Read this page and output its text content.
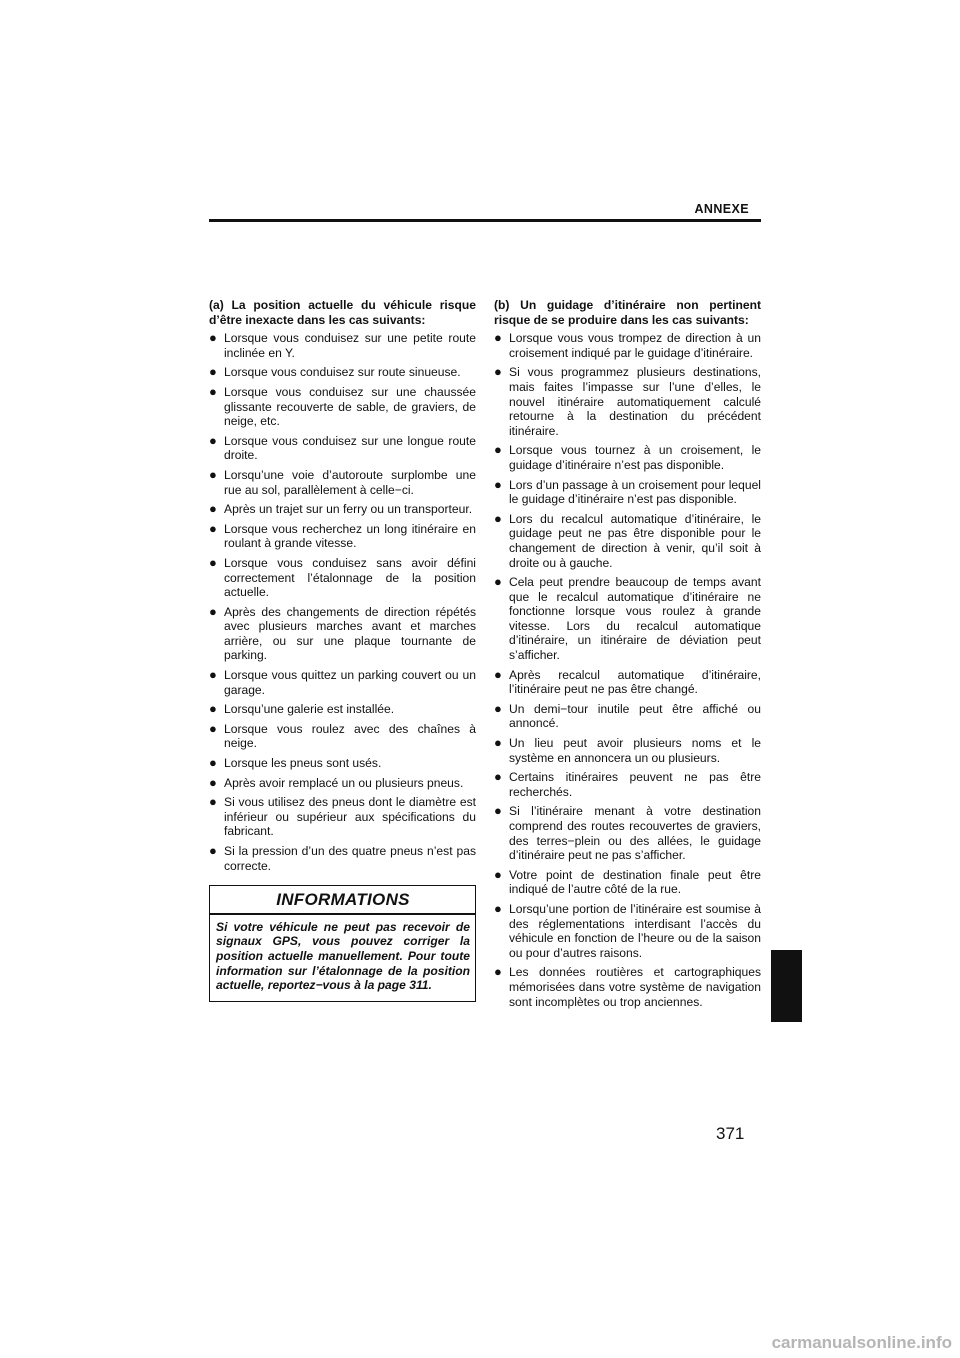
ANNEXE

(a) La position actuelle du véhicule risque d’être inexacte dans les cas suivants:

● Lorsque vous conduisez sur une petite route inclinée en Y.
● Lorsque vous conduisez sur route sinueuse.
● Lorsque vous conduisez sur une chaussée glissante recouverte de sable, de graviers, de neige, etc.
● Lorsque vous conduisez sur une longue route droite.
● Lorsqu’une voie d’autoroute surplombe une rue au sol, parallèlement à celle−ci.
● Après un trajet sur un ferry ou un transporteur.
● Lorsque vous recherchez un long itinéraire en roulant à grande vitesse.
● Lorsque vous conduisez sans avoir défini correctement l’étalonnage de la position actuelle.
● Après des changements de direction répétés avec plusieurs marches avant et marches arrière, ou sur une plaque tournante de parking.
● Lorsque vous quittez un parking couvert ou un garage.
● Lorsqu’une galerie est installée.
● Lorsque vous roulez avec des chaînes à neige.
● Lorsque les pneus sont usés.
● Après avoir remplacé un ou plusieurs pneus.
● Si vous utilisez des pneus dont le diamètre est inférieur ou supérieur aux spécifications du fabricant.
● Si la pression d’un des quatre pneus n’est pas correcte.

INFORMATIONS

Si votre véhicule ne peut pas recevoir de signaux GPS, vous pouvez corriger la position actuelle manuellement. Pour toute information sur l’étalonnage de la position actuelle, reportez−vous à la page 311.

(b) Un guidage d’itinéraire non pertinent risque de se produire dans les cas suivants:

● Lorsque vous vous trompez de direction à un croisement indiqué par le guidage d’itinéraire.
● Si vous programmez plusieurs destinations, mais faites l’impasse sur l’une d’elles, le nouvel itinéraire automatiquement calculé retourne à la destination du précédent itinéraire.
● Lorsque vous tournez à un croisement, le guidage d’itinéraire n’est pas disponible.
● Lors d’un passage à un croisement pour lequel le guidage d’itinéraire n’est pas disponible.
● Lors du recalcul automatique d’itinéraire, le guidage peut ne pas être disponible pour le changement de direction à venir, qu’il soit à droite ou à gauche.
● Cela peut prendre beaucoup de temps avant que le recalcul automatique d’itinéraire ne fonctionne lorsque vous roulez à grande vitesse. Lors du recalcul automatique d’itinéraire, un itinéraire de déviation peut s’afficher.
● Après recalcul automatique d’itinéraire, l’itinéraire peut ne pas être changé.
● Un demi−tour inutile peut être affiché ou annoncé.
● Un lieu peut avoir plusieurs noms et le système en annoncera un ou plusieurs.
● Certains itinéraires peuvent ne pas être recherchés.
● Si l’itinéraire menant à votre destination comprend des routes recouvertes de graviers, des terres−plein ou des allées, le guidage d’itinéraire peut ne pas s’afficher.
● Votre point de destination finale peut être indiqué de l’autre côté de la rue.
● Lorsqu’une portion de l’itinéraire est soumise à des réglementations interdisant l’accès du véhicule en fonction de l’heure ou de la saison ou pour d’autres raisons.
● Les données routières et cartographiques mémorisées dans votre système de navigation sont incomplètes ou trop anciennes.

371

carmanualsonline.info
